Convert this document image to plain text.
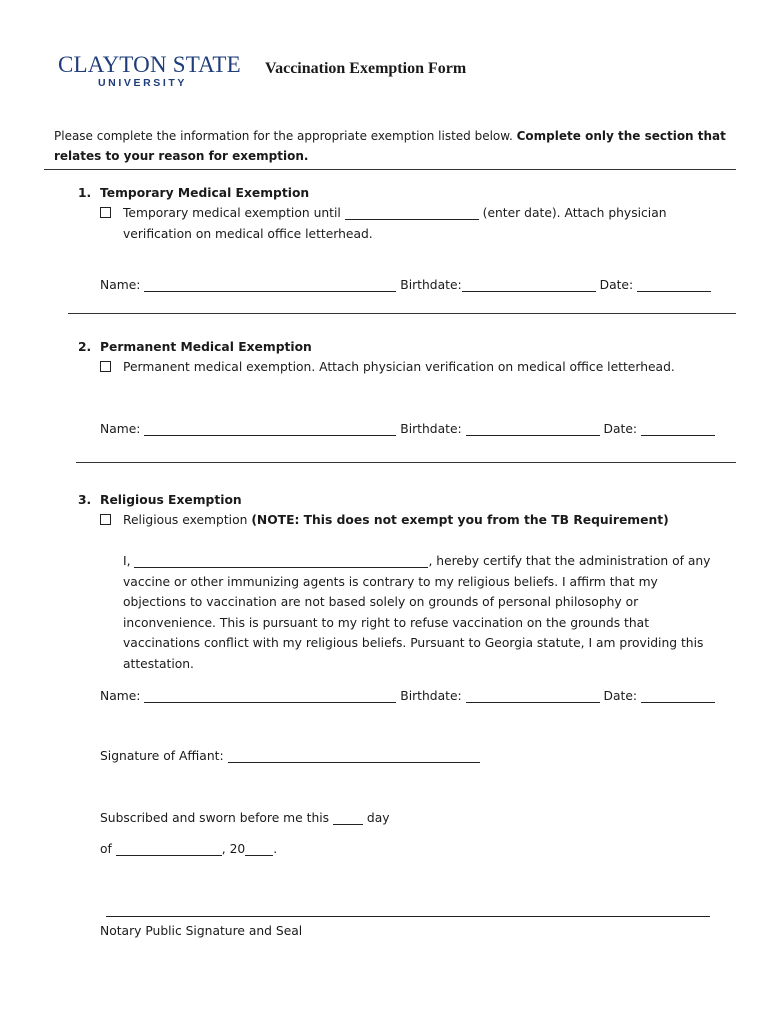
CLAYTON STATE
UNIVERSITY
Vaccination Exemption Form
Please complete the information for the appropriate exemption listed below. Complete only the section that relates to your reason for exemption.
1. Temporary Medical Exemption
Temporary medical exemption until	(enter date). Attach physician
verification on medical office letterhead.
Name:	Birthdate:	Date:
2. Permanent Medical Exemption
Permanent medical exemption. Attach physician verification on medical office letterhead.
Name:	Birthdate:	Date:
3. Religious Exemption
Religious exemption (NOTE: This does not exempt you from the TB Requirement)
I,	, hereby certify that the administration of any vaccine or other immunizing agents is contrary to my religious beliefs. I affirm that my objections to vaccination are not based solely on grounds of personal philosophy or inconvenience. This is pursuant to my right to refuse vaccination on the grounds that vaccinations conflict with my religious beliefs. Pursuant to Georgia statute, I am providing this attestation.
Name:	Birthdate:	Date:
Signature of Affiant:
Subscribed and sworn before me this  day
of	, 20 .
Notary Public Signature and Seal
